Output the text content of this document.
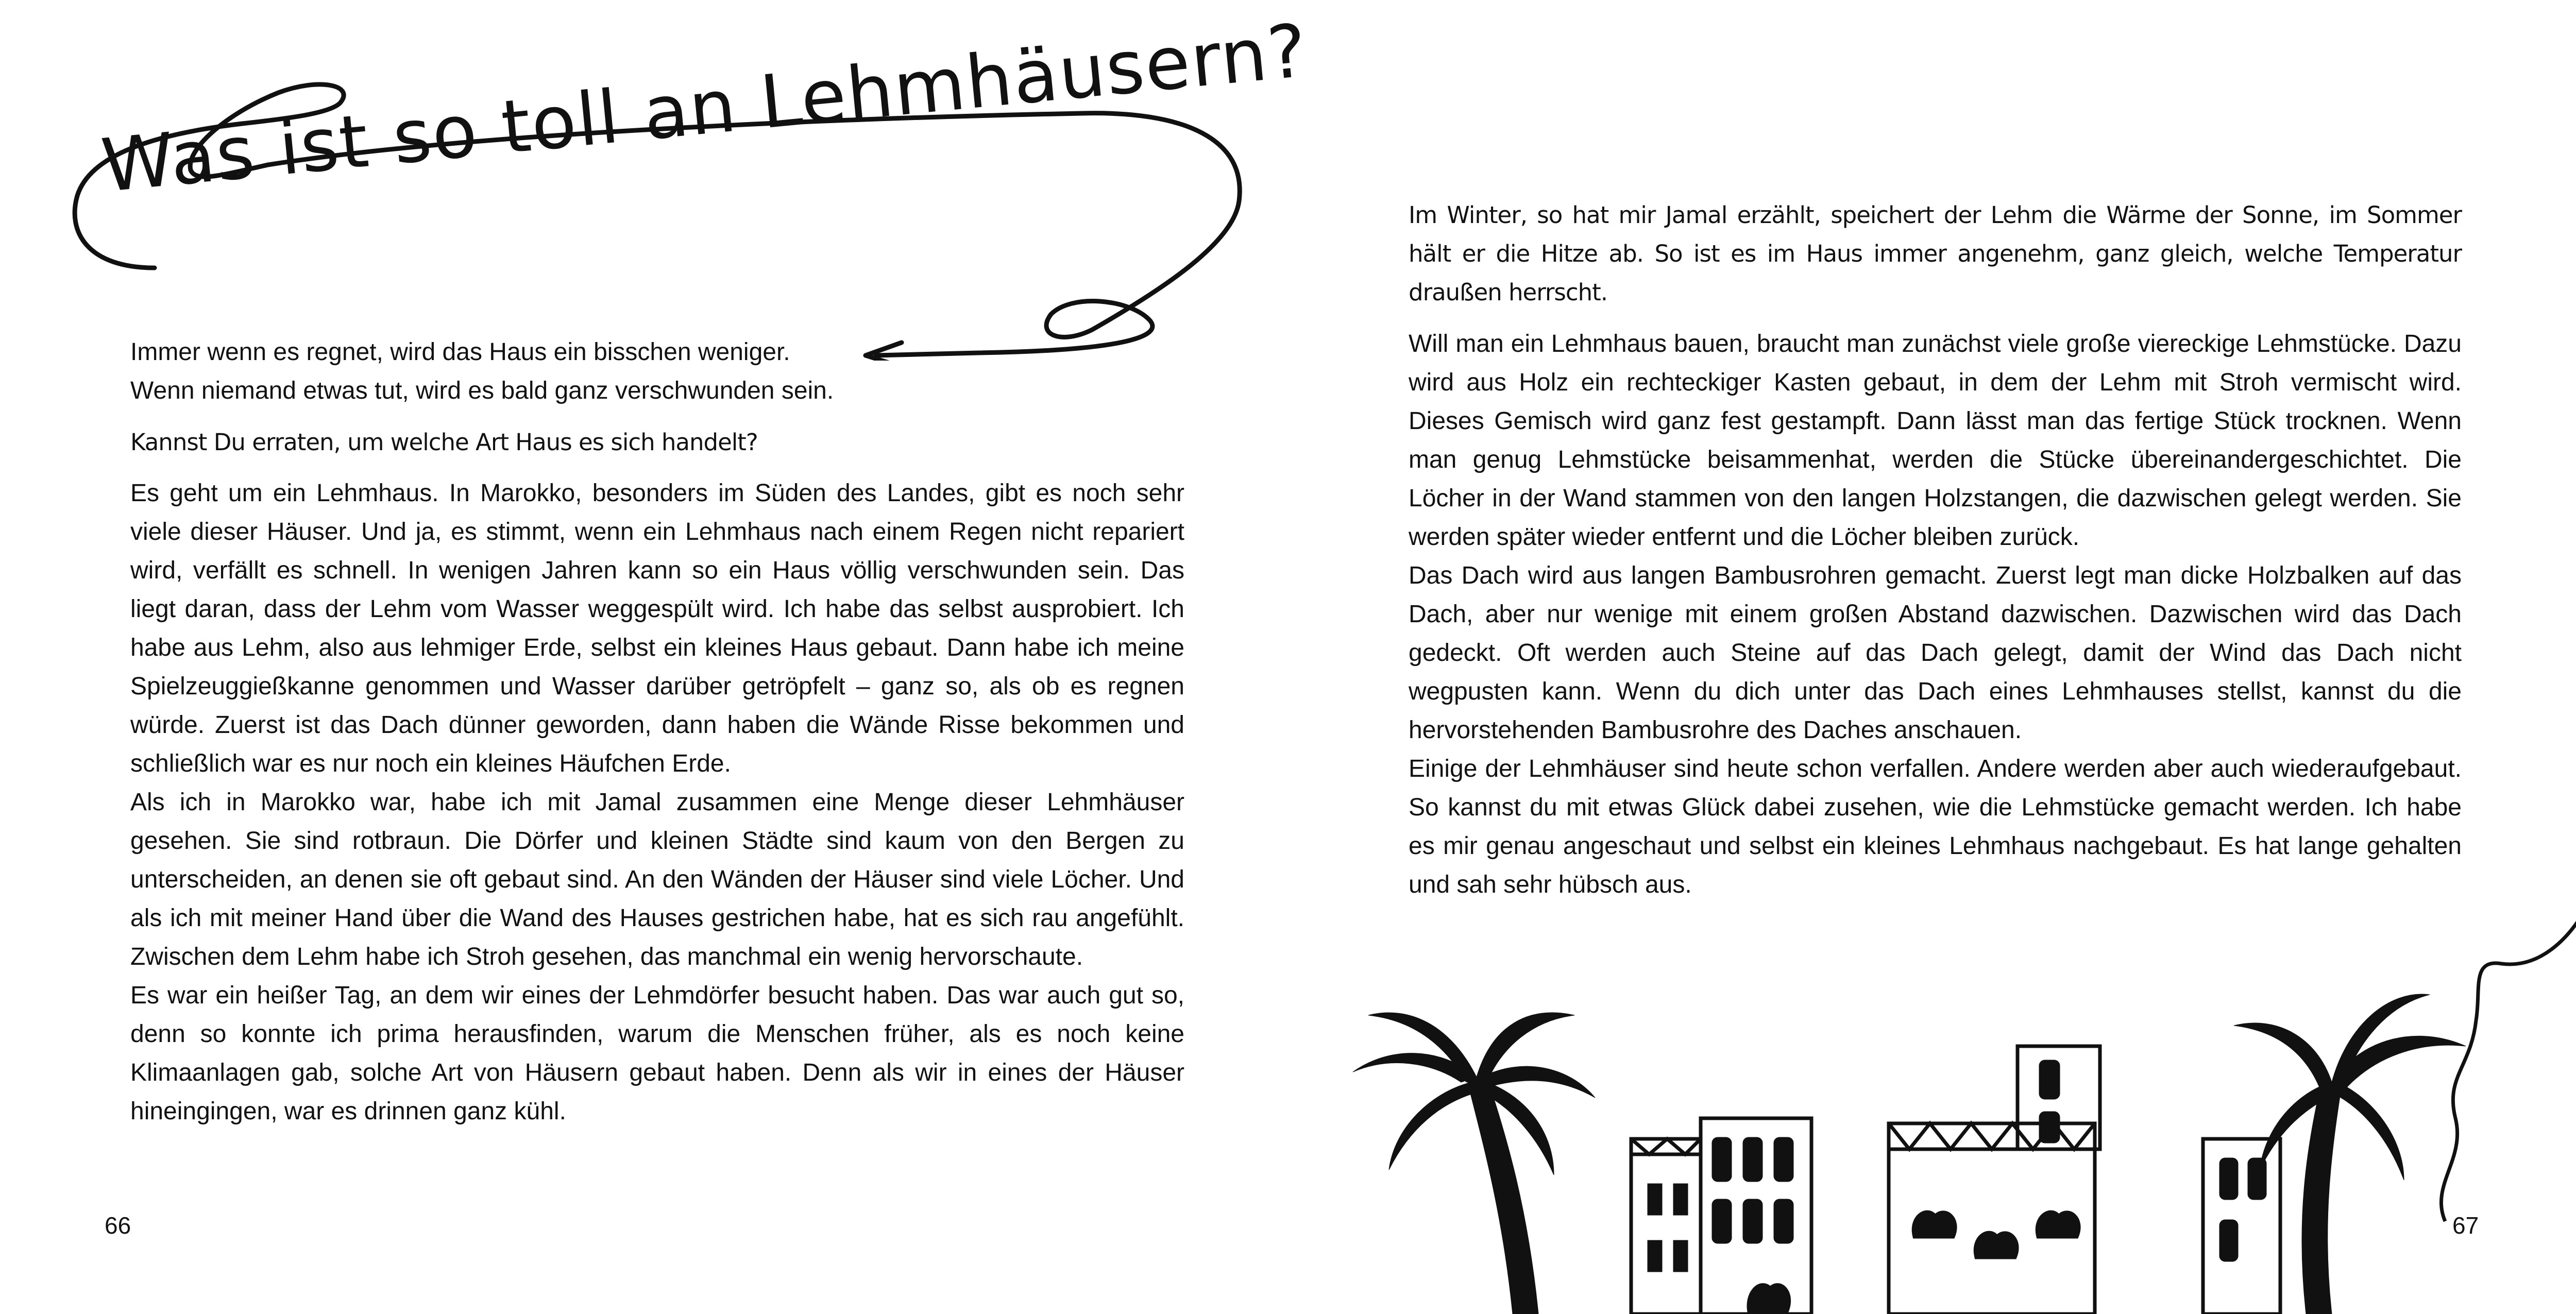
Was ist so toll an Lehmhäusern?

Immer wenn es regnet, wird das Haus ein bisschen weniger.

Wenn niemand etwas tut, wird es bald ganz verschwunden sein.

Kannst Du erraten, um welche Art Haus es sich handelt?

Es geht um ein Lehmhaus. In Marokko, besonders im Süden des Landes, gibt es noch sehr viele dieser Häuser. Und ja, es stimmt, wenn ein Lehmhaus nach einem Regen nicht repariert wird, verfällt es schnell. In wenigen Jahren kann so ein Haus völlig verschwunden sein. Das liegt daran, dass der Lehm vom Wasser weggespült wird. Ich habe das selbst ausprobiert. Ich habe aus Lehm, also aus lehmiger Erde, selbst ein kleines Haus gebaut. Dann habe ich meine Spielzeuggießkanne genommen und Wasser darüber getröpfelt – ganz so, als ob es regnen würde. Zuerst ist das Dach dünner geworden, dann haben die Wände Risse bekommen und schließlich war es nur noch ein kleines Häufchen Erde.

Als ich in Marokko war, habe ich mit Jamal zusammen eine Menge dieser Lehmhäuser gesehen. Sie sind rotbraun. Die Dörfer und kleinen Städte sind kaum von den Bergen zu unterscheiden, an denen sie oft gebaut sind. An den Wänden der Häuser sind viele Löcher. Und als ich mit meiner Hand über die Wand des Hauses gestrichen habe, hat es sich rau angefühlt. Zwischen dem Lehm habe ich Stroh gesehen, das manchmal ein wenig hervorschaute.

Es war ein heißer Tag, an dem wir eines der Lehmdörfer besucht haben. Das war auch gut so, denn so konnte ich prima herausfinden, warum die Menschen früher, als es noch keine Klimaanlagen gab, solche Art von Häusern gebaut haben. Denn als wir in eines der Häuser hineingingen, war es drinnen ganz kühl.

66
Im Winter, so hat mir Jamal erzählt, speichert der Lehm die Wärme der Sonne, im Sommer hält er die Hitze ab. So ist es im Haus immer angenehm, ganz gleich, welche Temperatur draußen herrscht.

Will man ein Lehmhaus bauen, braucht man zunächst viele große viereckige Lehmstücke. Dazu wird aus Holz ein rechteckiger Kasten gebaut, in dem der Lehm mit Stroh vermischt wird. Dieses Gemisch wird ganz fest gestampft. Dann lässt man das fertige Stück trocknen. Wenn man genug Lehmstücke beisammenhat, werden die Stücke übereinandergeschichtet. Die Löcher in der Wand stammen von den langen Holzstangen, die dazwischen gelegt werden. Sie werden später wieder entfernt und die Löcher bleiben zurück.

Das Dach wird aus langen Bambusrohren gemacht. Zuerst legt man dicke Holzbalken auf das Dach, aber nur wenige mit einem großen Abstand dazwischen. Dazwischen wird das Dach gedeckt. Oft werden auch Steine auf das Dach gelegt, damit der Wind das Dach nicht wegpusten kann. Wenn du dich unter das Dach eines Lehmhauses stellst, kannst du die hervorstehenden Bambusrohre des Daches anschauen.

Einige der Lehmhäuser sind heute schon verfallen. Andere werden aber auch wiederaufgebaut. So kannst du mit etwas Glück dabei zusehen, wie die Lehmstücke gemacht werden. Ich habe es mir genau angeschaut und selbst ein kleines Lehmhaus nachgebaut. Es hat lange gehalten und sah sehr hübsch aus.

67
